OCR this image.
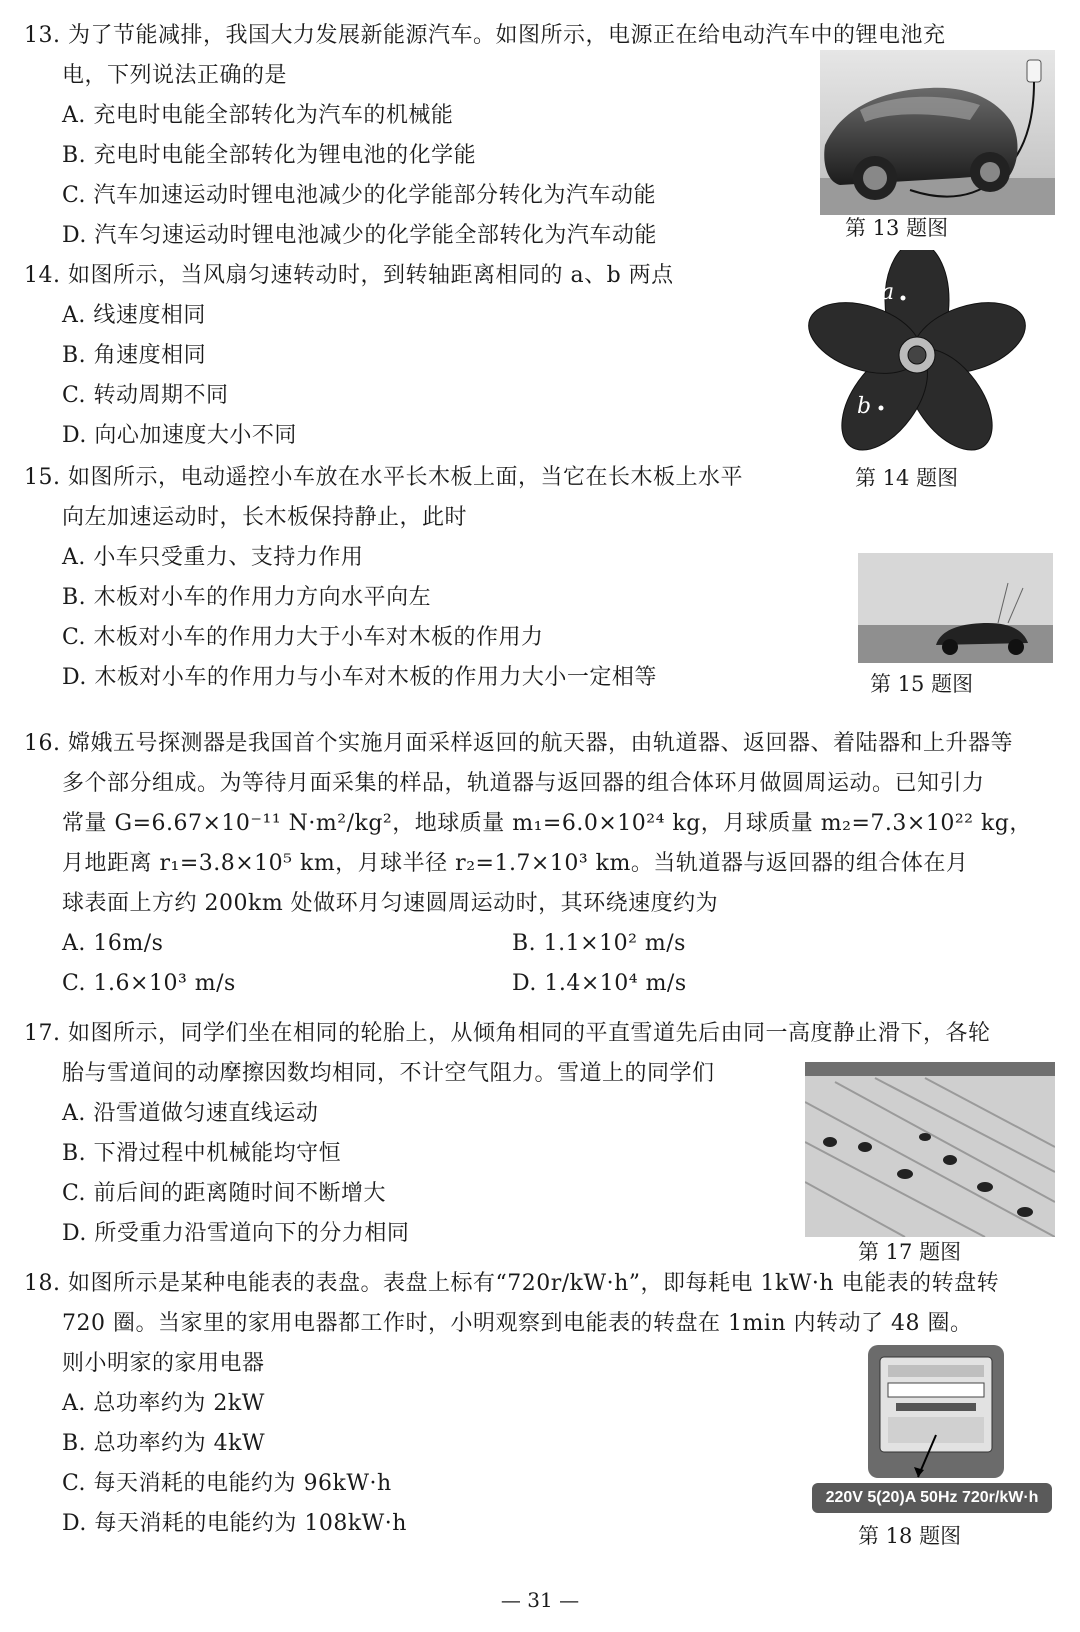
13. 为了节能减排，我国大力发展新能源汽车。如图所示，电源正在给电动汽车中的锂电池充
电，下列说法正确的是
A. 充电时电能全部转化为汽车的机械能
B. 充电时电能全部转化为锂电池的化学能
C. 汽车加速运动时锂电池减少的化学能部分转化为汽车动能
D. 汽车匀速运动时锂电池减少的化学能全部转化为汽车动能	第 13 题图
14. 如图所示，当风扇匀速转动时，到转轴距离相同的 a、b 两点
A. 线速度相同
B. 角速度相同
C. 转动周期不同
D. 向心加速度大小不同
a
b
第 14 题图
15. 如图所示，电动遥控小车放在水平长木板上面，当它在长木板上水平
向左加速运动时，长木板保持静止，此时
A. 小车只受重力、支持力作用
B. 木板对小车的作用力方向水平向左
C. 木板对小车的作用力大于小车对木板的作用力
D. 木板对小车的作用力与小车对木板的作用力大小一定相等	第 15 题图
16. 嫦娥五号探测器是我国首个实施月面采样返回的航天器，由轨道器、返回器、着陆器和上升器等
多个部分组成。为等待月面采集的样品，轨道器与返回器的组合体环月做圆周运动。已知引力
常量 G=6.67×10⁻¹¹ N·m²/kg²，地球质量 m₁=6.0×10²⁴ kg，月球质量 m₂=7.3×10²² kg，
月地距离 r₁=3.8×10⁵ km，月球半径 r₂=1.7×10³ km。当轨道器与返回器的组合体在月
球表面上方约 200km 处做环月匀速圆周运动时，其环绕速度约为
A. 16m/s	B. 1.1×10² m/s
C. 1.6×10³ m/s	D. 1.4×10⁴ m/s
17. 如图所示，同学们坐在相同的轮胎上，从倾角相同的平直雪道先后由同一高度静止滑下，各轮
胎与雪道间的动摩擦因数均相同，不计空气阻力。雪道上的同学们
A. 沿雪道做匀速直线运动
B. 下滑过程中机械能均守恒
C. 前后间的距离随时间不断增大
D. 所受重力沿雪道向下的分力相同
第 17 题图
18. 如图所示是某种电能表的表盘。表盘上标有“720r/kW·h”，即每耗电 1kW·h 电能表的转盘转
720 圈。当家里的家用电器都工作时，小明观察到电能表的转盘在 1min 内转动了 48 圈。
则小明家的家用电器
A. 总功率约为 2kW
B. 总功率约为 4kW
C. 每天消耗的电能约为 96kW·h
D. 每天消耗的电能约为 108kW·h
220V 5(20)A 50Hz 720r/kW·h
第 18 题图
— 31 —
